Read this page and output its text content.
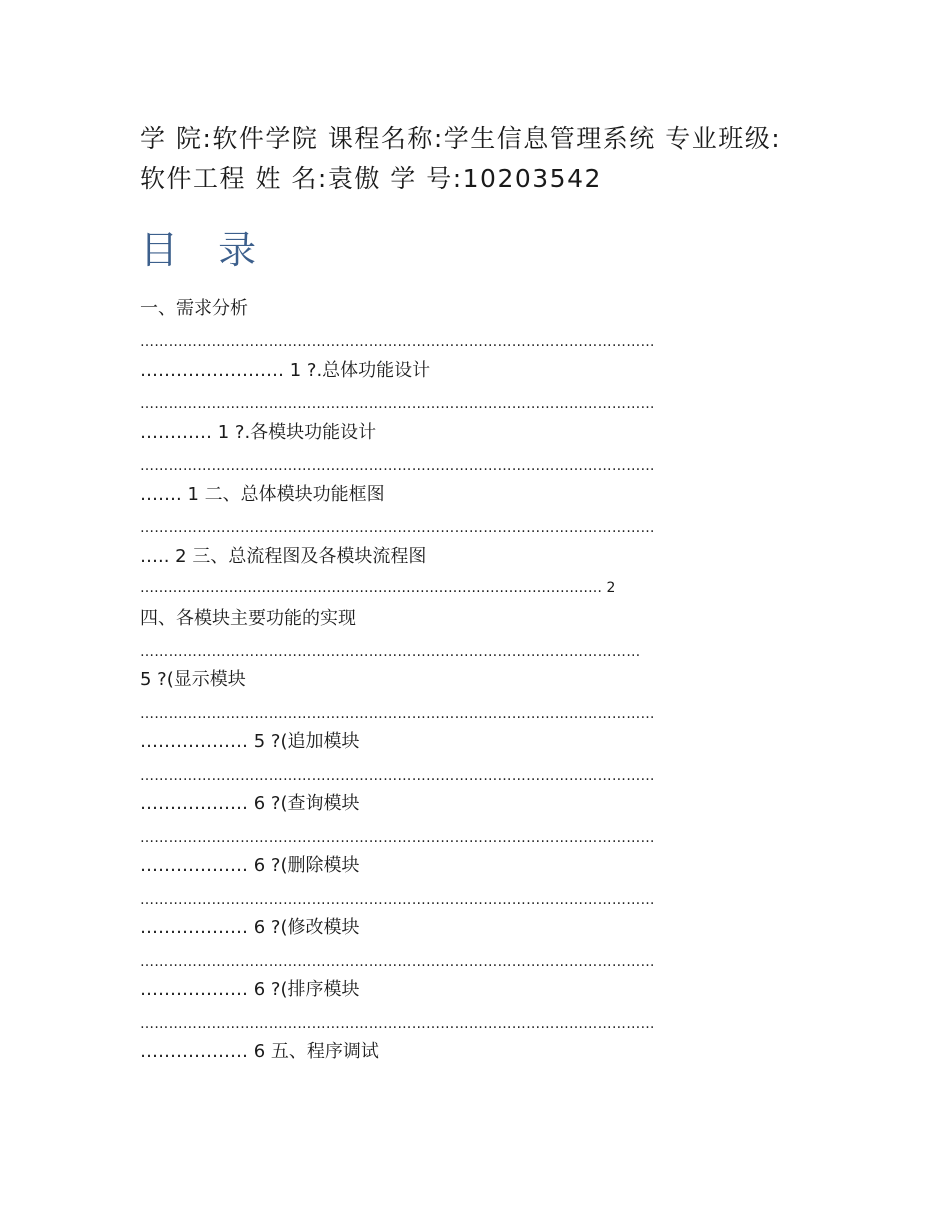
学 院:软件学院 课程名称:学生信息管理系统 专业班级:
软件工程 姓 名:袁傲 学 号:10203542
目 录
一、需求分析
………………………………………………………………………………………………
…………………… 1 ?.总体功能设计
………………………………………………………………………………………………
………… 1 ?.各模块功能设计
………………………………………………………………………………………………
……. 1 二、总体模块功能框图
………………………………………………………………………………………………
….. 2 三、总流程图及各模块流程图
……………………………………………………………………………………… 2
四、各模块主要功能的实现
……………………………………………………………………………………………
5 ?(显示模块
………………………………………………………………………………………………
……………… 5 ?(追加模块
………………………………………………………………………………………………
……………… 6 ?(查询模块
………………………………………………………………………………………………
……………… 6 ?(删除模块
………………………………………………………………………………………………
……………… 6 ?(修改模块
………………………………………………………………………………………………
……………… 6 ?(排序模块
………………………………………………………………………………………………
……………… 6 五、程序调试
